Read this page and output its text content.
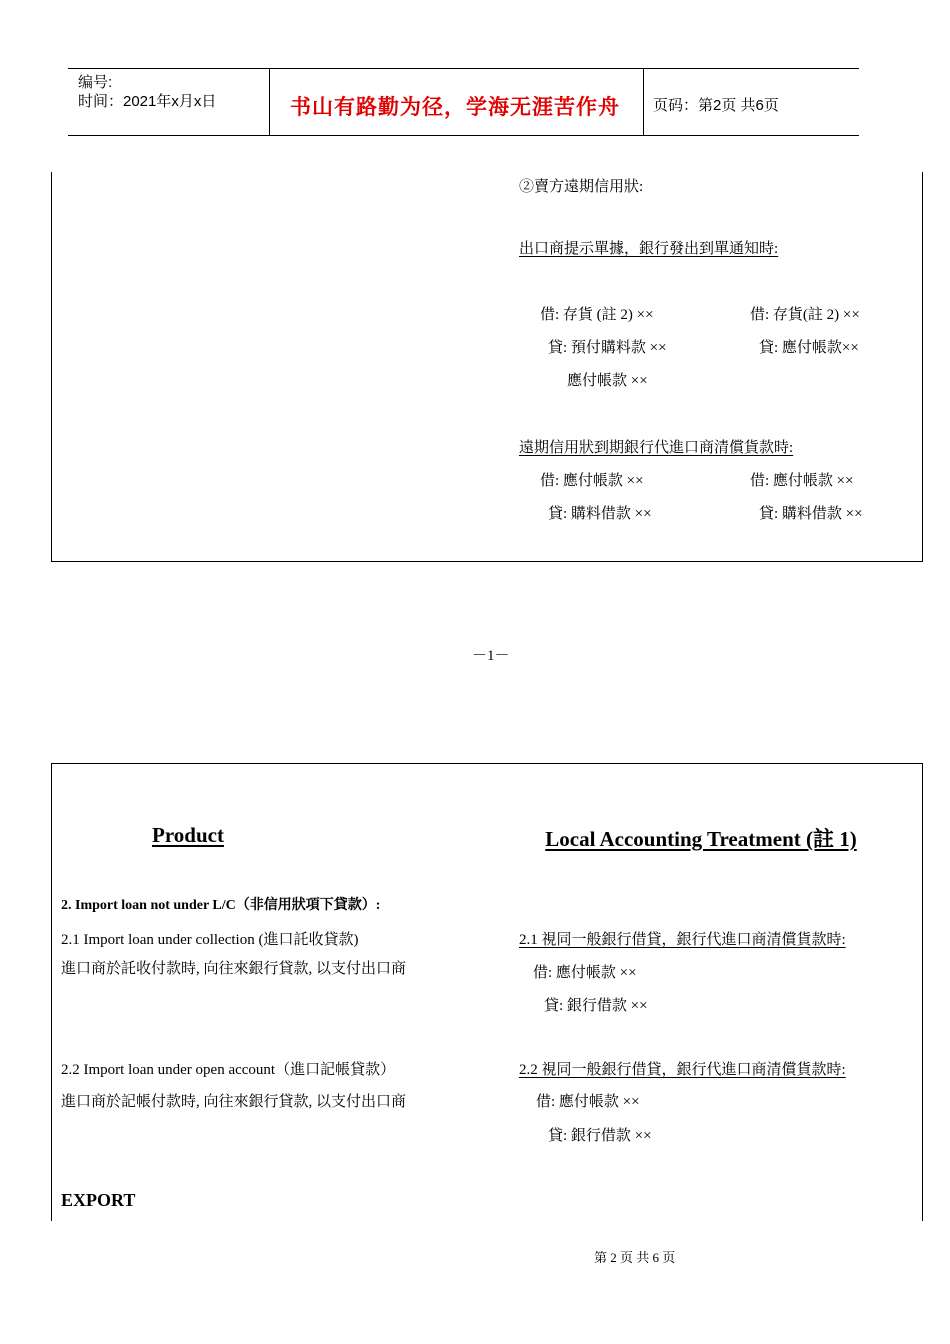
编号:
时间：2021年x月x日	书山有路勤为径，学海无涯苦作舟 页码：第2页 共6页
②賣方遠期信用狀:
出口商提示單據，銀行發出到單通知時:
借: 存貨 (註 2) ××
貸: 預付購料款 ××
應付帳款 ××
借: 存貨(註 2) ××
貸: 應付帳款××
遠期信用狀到期銀行代進口商清償貨款時:
借: 應付帳款 ××
貸: 購料借款 ××
借: 應付帳款 ××
貸: 購料借款 ××
－1－
Product	Local Accounting Treatment (註 1)
2. Import loan not under L/C（非信用狀項下貸款）:
2.1 Import loan under collection (進口託收貸款)
進口商於託收付款時, 向往來銀行貸款, 以支付出口商
2.1 視同一般銀行借貸，銀行代進口商清償貨款時:
借: 應付帳款 ××
貸: 銀行借款 ××
2.2 Import loan under open account（進口記帳貸款）
進口商於記帳付款時, 向往來銀行貸款, 以支付出口商
2.2 視同一般銀行借貸，銀行代進口商清償貨款時:
借: 應付帳款 ××
貸: 銀行借款 ××
EXPORT
第 2 页 共 6 页
